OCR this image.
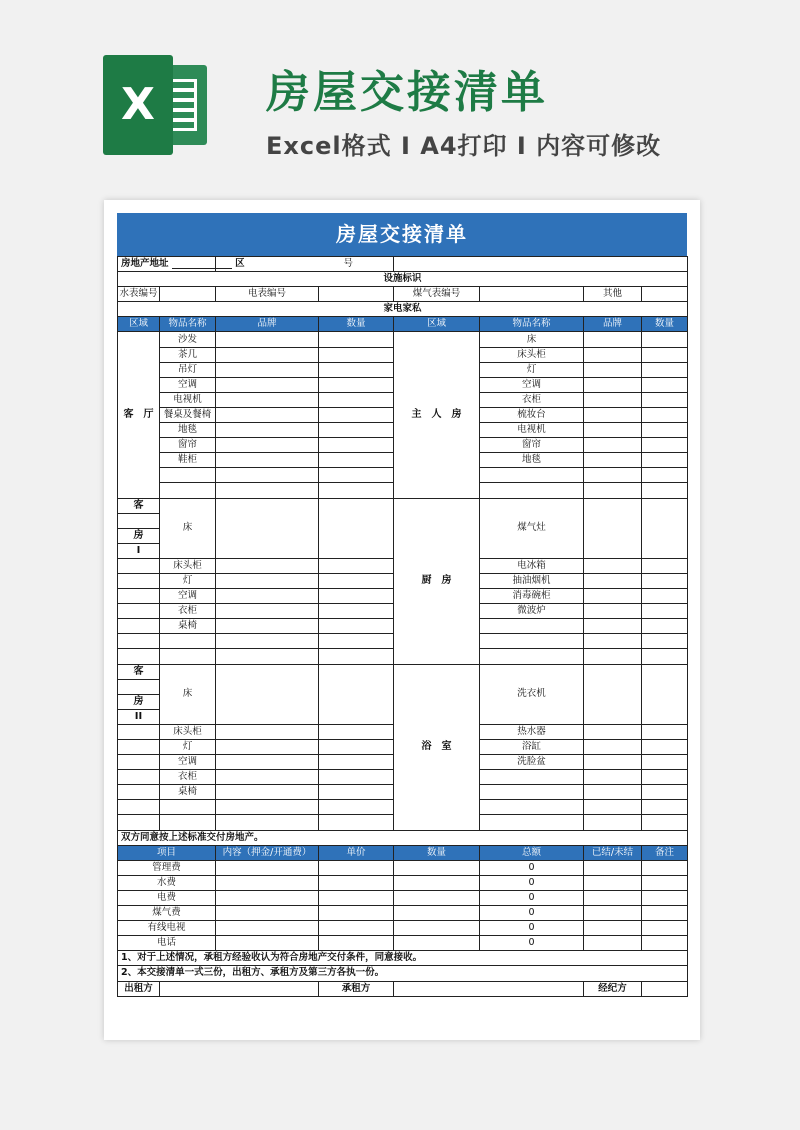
X	房屋交接清单
Excel格式 I A4打印 I 内容可修改
房屋交接清单
房地产地址 区		号					
设施标识							
水表编号		电表编号		煤气表编号		其他	
家电家私							
区域	物品名称	品牌	数量	区域	物品名称	品牌	数量
客　厅	沙发			主　人　房	床		
	茶几				床头柜		
	吊灯				灯		
	空调				空调		
	电视机				衣柜		
	餐桌及餐椅				梳妆台		
	地毯				电视机		
	窗帘				窗帘		
	鞋柜				地毯		

客	床			厨　房	煤气灶		

房							
I							
	床头柜				电冰箱		
	灯				抽油烟机		
	空调				消毒碗柜		
	衣柜				微波炉		
	桌椅						

客	床			浴　室	洗衣机		

房							
II							
	床头柜				热水器		
	灯				浴缸		
	空调				洗脸盆		
	衣柜						
	桌椅						

双方同意按上述标准交付房地产。							
项目		内容（押金/开通费）	单价	数量	总额	已结/未结	备注
管理费					0		
水费					0		
电费					0		
煤气费					0		
有线电视					0		
电话					0		
1、对于上述情况，承租方经验收认为符合房地产交付条件，同意接收。							
2、本交接清单一式三份，出租方、承租方及第三方各执一份。							
出租方			承租方			经纪方	
